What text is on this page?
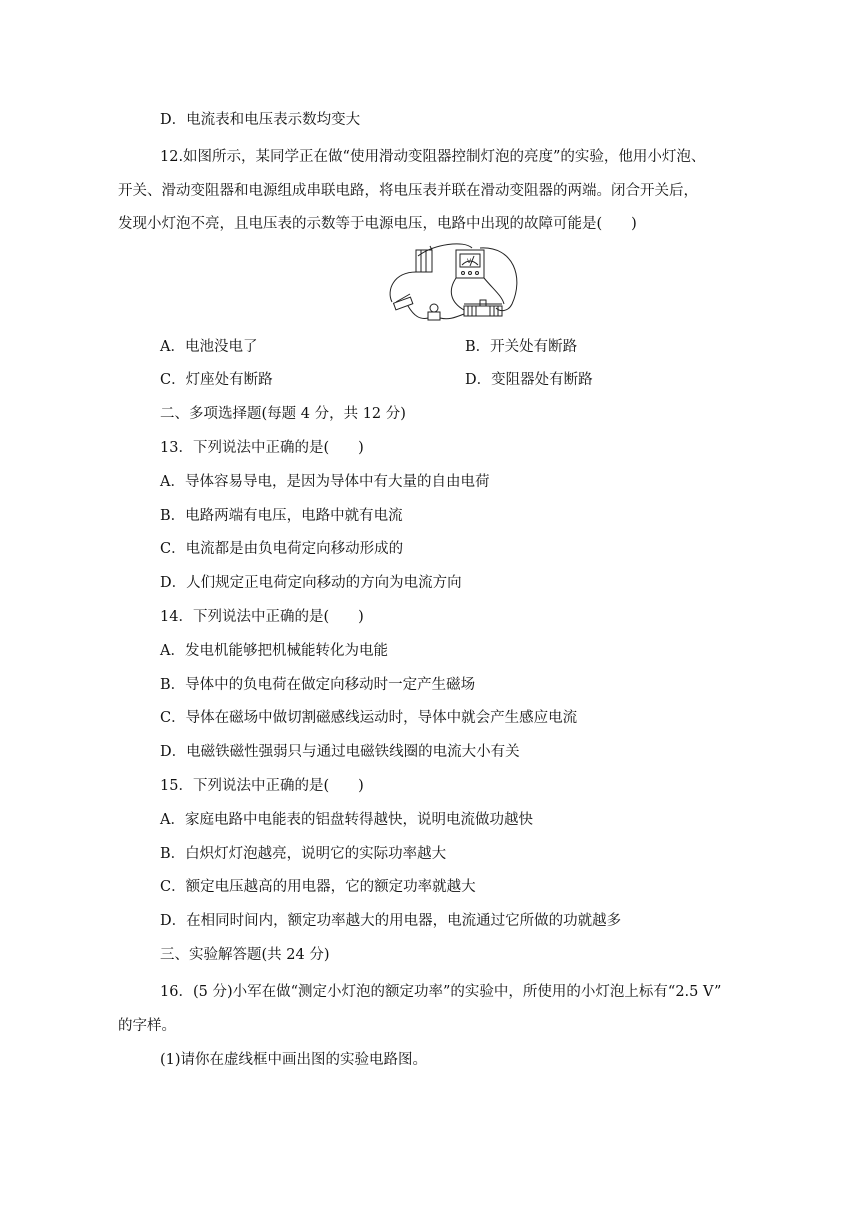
D．电流表和电压表示数均变大
12.如图所示，某同学正在做“使用滑动变阻器控制灯泡的亮度”的实验，他用小灯泡、
开关、滑动变阻器和电源组成串联电路，将电压表并联在滑动变阻器的两端。闭合开关后，
发现小灯泡不亮，且电压表的示数等于电源电压，电路中出现的故障可能是(　　)
V
A．电池没电了	B．开关处有断路
C．灯座处有断路	D．变阻器处有断路
二、多项选择题(每题 4 分，共 12 分)
13．下列说法中正确的是(　　)
A．导体容易导电，是因为导体中有大量的自由电荷
B．电路两端有电压，电路中就有电流
C．电流都是由负电荷定向移动形成的
D．人们规定正电荷定向移动的方向为电流方向
14．下列说法中正确的是(　　)
A．发电机能够把机械能转化为电能
B．导体中的负电荷在做定向移动时一定产生磁场
C．导体在磁场中做切割磁感线运动时，导体中就会产生感应电流
D．电磁铁磁性强弱只与通过电磁铁线圈的电流大小有关
15．下列说法中正确的是(　　)
A．家庭电路中电能表的铝盘转得越快，说明电流做功越快
B．白炽灯灯泡越亮，说明它的实际功率越大
C．额定电压越高的用电器，它的额定功率就越大
D．在相同时间内，额定功率越大的用电器，电流通过它所做的功就越多
三、实验解答题(共 24 分)
16．(5 分)小军在做“测定小灯泡的额定功率”的实验中，所使用的小灯泡上标有“2.5 V”
的字样。
(1)请你在虚线框中画出图的实验电路图。
